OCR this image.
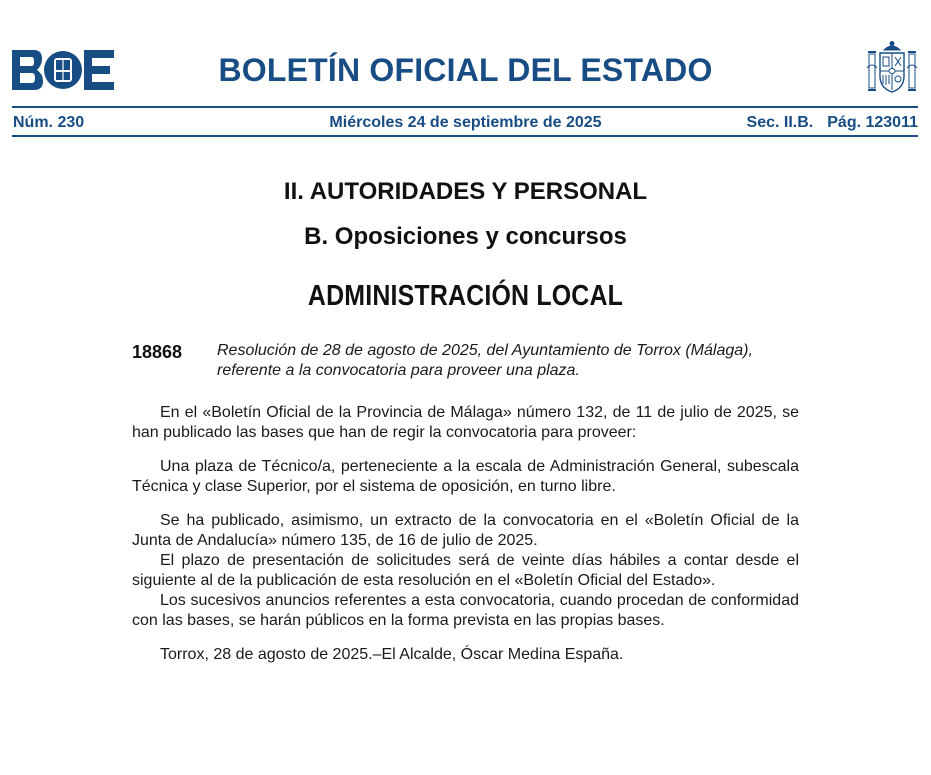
BOLETÍN OFICIAL DEL ESTADO
Núm. 230	Miércoles 24 de septiembre de 2025	Sec. II.B. Pág. 123011
II. AUTORIDADES Y PERSONAL
B. Oposiciones y concursos
ADMINISTRACIÓN LOCAL
18868 Resolución de 28 de agosto de 2025, del Ayuntamiento de Torrox (Málaga), referente a la convocatoria para proveer una plaza.

En el «Boletín Oficial de la Provincia de Málaga» número 132, de 11 de julio de 2025, se han publicado las bases que han de regir la convocatoria para proveer:

Una plaza de Técnico/a, perteneciente a la escala de Administración General, subescala Técnica y clase Superior, por el sistema de oposición, en turno libre.

Se ha publicado, asimismo, un extracto de la convocatoria en el «Boletín Oficial de la Junta de Andalucía» número 135, de 16 de julio de 2025.

El plazo de presentación de solicitudes será de veinte días hábiles a contar desde el siguiente al de la publicación de esta resolución en el «Boletín Oficial del Estado».

Los sucesivos anuncios referentes a esta convocatoria, cuando procedan de conformidad con las bases, se harán públicos en la forma prevista en las propias bases.

Torrox, 28 de agosto de 2025.–El Alcalde, Óscar Medina España.
